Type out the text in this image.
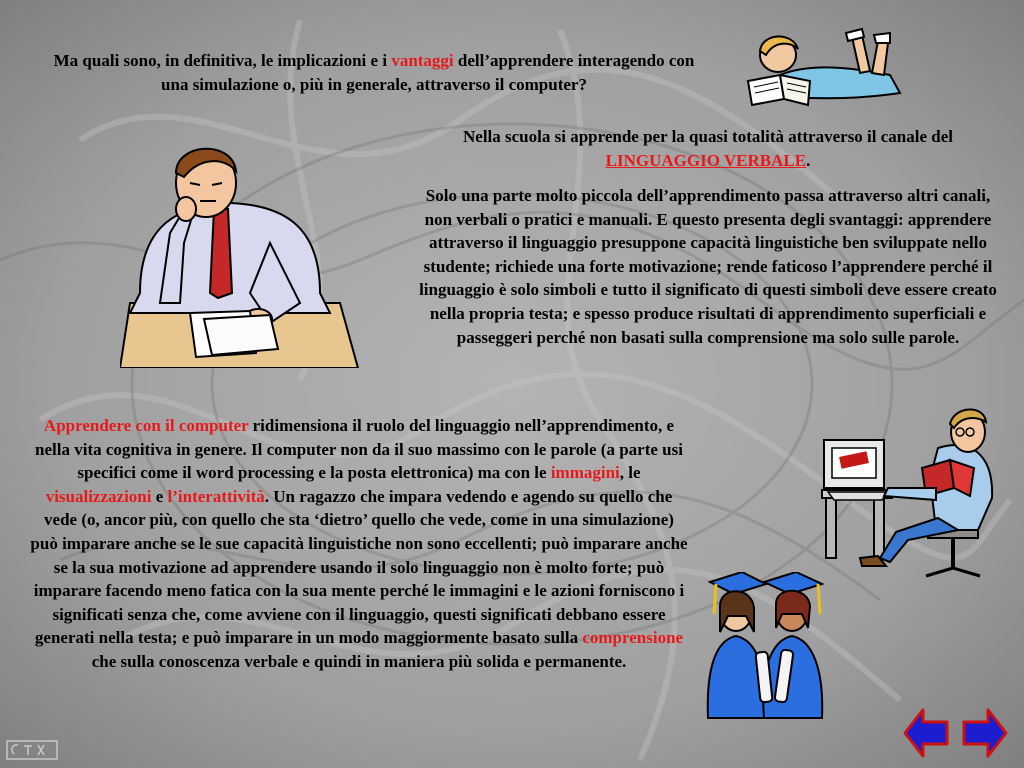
Ma quali sono, in definitiva, le implicazioni e i vantaggi dell’apprendere interagendo con una simulazione o, più in generale, attraverso il computer?
Nella scuola si apprende per la quasi totalità attraverso il canale del LINGUAGGIO VERBALE.
Solo una parte molto piccola dell’apprendimento passa attraverso altri canali, non verbali o pratici e manuali. E questo presenta degli svantaggi: apprendere attraverso il linguaggio presuppone capacità linguistiche ben sviluppate nello studente; richiede una forte motivazione; rende faticoso l’apprendere perché il linguaggio è solo simboli e tutto il significato di questi simboli deve essere creato nella propria testa; e spesso produce risultati di apprendimento superficiali e passeggeri perché non basati sulla comprensione ma solo sulle parole.
Apprendere con il computer ridimensiona il ruolo del linguaggio nell’apprendimento, e nella vita cognitiva in genere. Il computer non da il suo massimo con le parole (a parte usi specifici come il word processing e la posta elettronica) ma con le immagini, le visualizzazioni e l’interattività. Un ragazzo che impara vedendo e agendo su quello che vede (o, ancor più, con quello che sta ‘dietro’ quello che vede, come in una simulazione) può imparare anche se le sue capacità linguistiche non sono eccellenti; può imparare anche se la sua motivazione ad apprendere usando il solo linguaggio non è molto forte; può imparare facendo meno fatica con la sua mente perché le immagini e le azioni forniscono i significati senza che, come avviene con il linguaggio, questi significati debbano essere generati nella testa; e può imparare in un modo maggiormente basato sulla comprensione che sulla conoscenza verbale e quindi in maniera più solida e permanente.
